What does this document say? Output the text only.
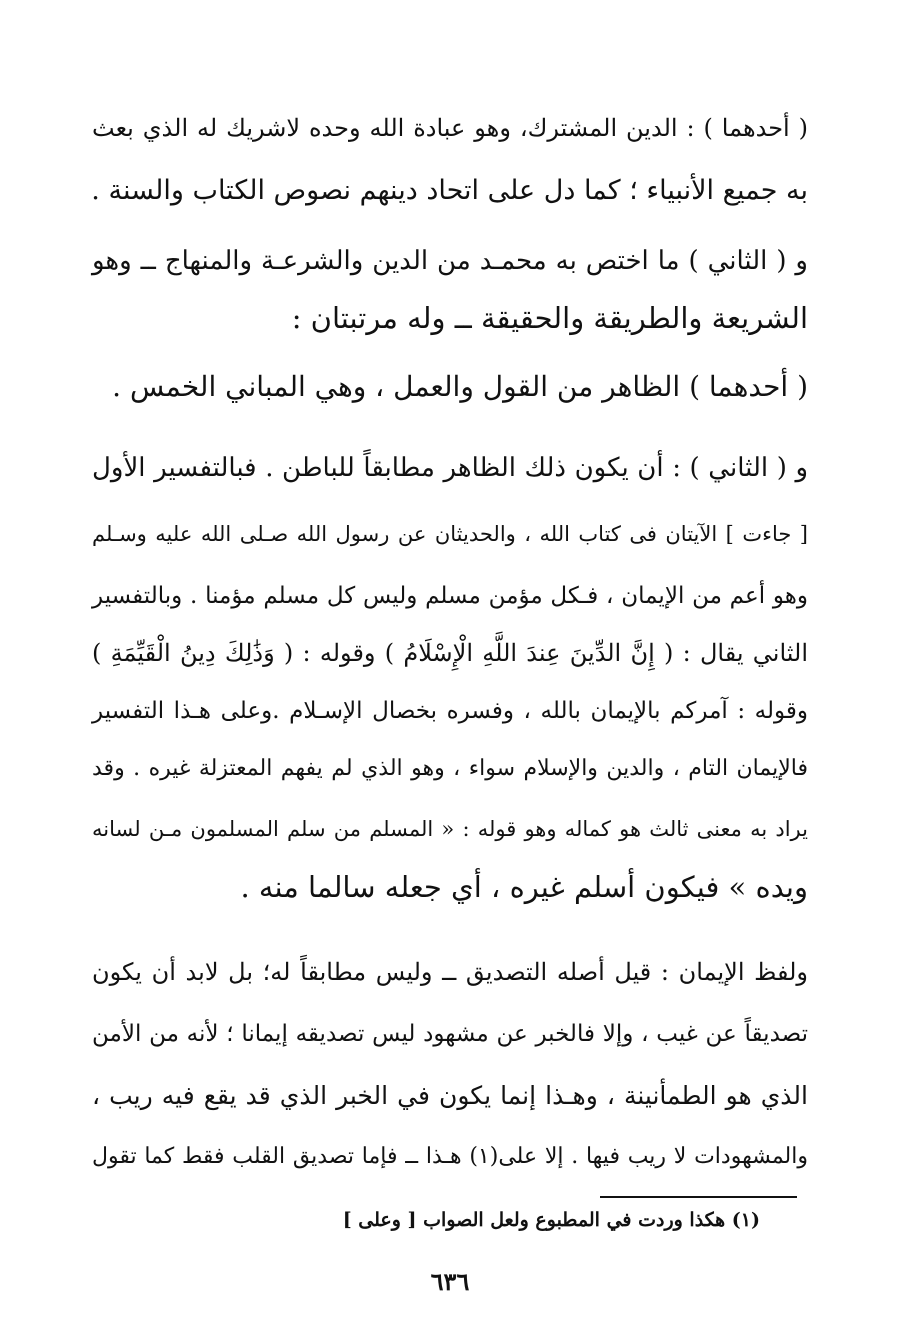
( أحدهما ) : الدين المشترك، وهو عبادة الله وحده لاشريك له الذي بعث
به جميع الأنبياء ؛ كما دل على اتحاد دينهم نصوص الكتاب والسنة .
و ( الثاني ) ما اختص به محمـد من الدين والشرعـة والمنهاج ــ وهو
الشريعة والطريقة والحقيقة ــ وله مرتبتان :
( أحدهما ) الظاهر من القول والعمل ، وهي المباني الخمس .
و ( الثاني ) : أن يكون ذلك الظاهر مطابقاً للباطن . فبالتفسير الأول
[ جاءت ] الآيتان فى كتاب الله ، والحديثان عن رسول الله صـلى الله عليه وسـلم
وهو أعم من الإيمان ، فـكل مؤمن مسلم وليس كل مسلم مؤمنا . وبالتفسير
الثاني يقال : ( إِنَّ الدِّينَ عِندَ اللَّهِ الْإِسْلَامُ ) وقوله : ( وَذَٰلِكَ دِينُ الْقَيِّمَةِ )
وقوله : آمركم بالإيمان بالله ، وفسره بخصال الإسـلام .وعلى هـذا التفسير
فالإيمان التام ، والدين والإسلام سواء ، وهو الذي لم يفهم المعتزلة غيره . وقد
يراد به معنى ثالث هو كماله وهو قوله : « المسلم من سلم المسلمون مـن لسانه
ويده » فيكون أسلم غيره ، أي جعله سالما منه .
ولفظ الإيمان : قيل أصله التصديق ــ وليس مطابقاً له؛ بل لابد أن يكون
تصديقاً عن غيب ، وإلا فالخبر عن مشهود ليس تصديقه إيمانا ؛ لأنه من الأمن
الذي هو الطمأنينة ، وهـذا إنما يكون في الخبر الذي قد يقع فيه ريب ،
والمشهودات لا ريب فيها . إلا على(١) هـذا ــ فإما تصديق القلب فقط كما تقول
(١) هكذا وردت في المطبوع ولعل الصواب [ وعلى ]
٦٣٦
